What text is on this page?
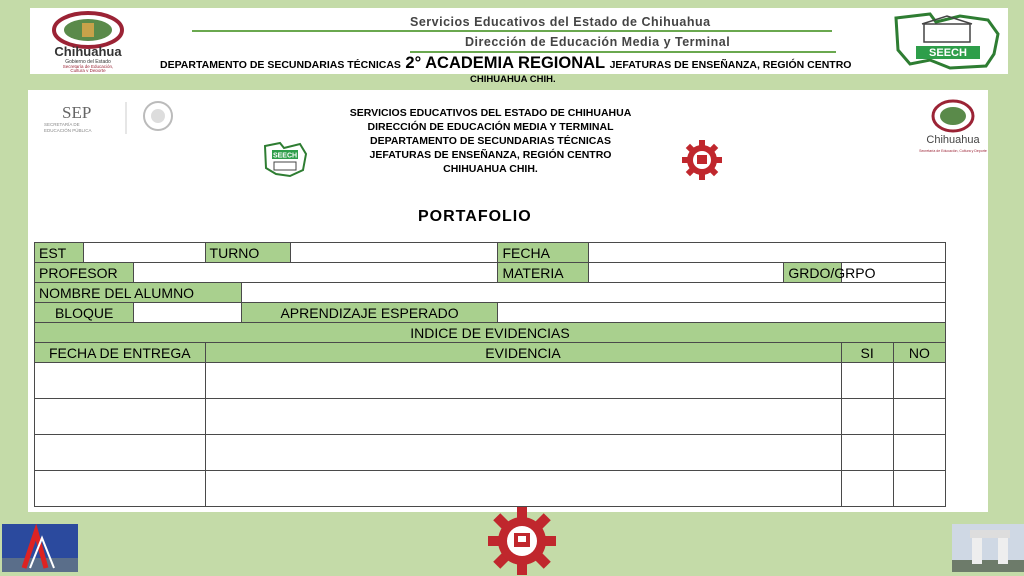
Chihuahua
Gobierno del Estado
Secretaría de Educación,
Cultura y Deporte
Servicios Educativos del Estado de Chihuahua
Dirección de Educación Media y Terminal
SEECH
DEPARTAMENTO DE SECUNDARIAS TÉCNICAS 2° ACADEMIA REGIONAL JEFATURAS DE ENSEÑANZA, REGIÓN CENTRO
CHIHUAHUA CHIH.
SEP
SECRETARÍA DE
EDUCACIÓN PÚBLICA
SERVICIOS EDUCATIVOS DEL ESTADO DE CHIHUAHUA
DIRECCIÓN DE EDUCACIÓN MEDIA Y TERMINAL
DEPARTAMENTO DE SECUNDARIAS TÉCNICAS
JEFATURAS DE ENSEÑANZA, REGIÓN CENTRO
CHIHUAHUA CHIH.
Chihuahua
Secretaría de Educación, Cultura y Deporte
SEECH
PORTAFOLIO
EST			TURNO			FECHA				
PROFESOR						MATERIA		GRDO/GRPO		
NOMBRE DEL ALUMNO										
BLOQUE				APRENDIZAJE ESPERADO						
INDICE DE EVIDENCIAS										
FECHA DE ENTREGA			EVIDENCIA						SI	NO
